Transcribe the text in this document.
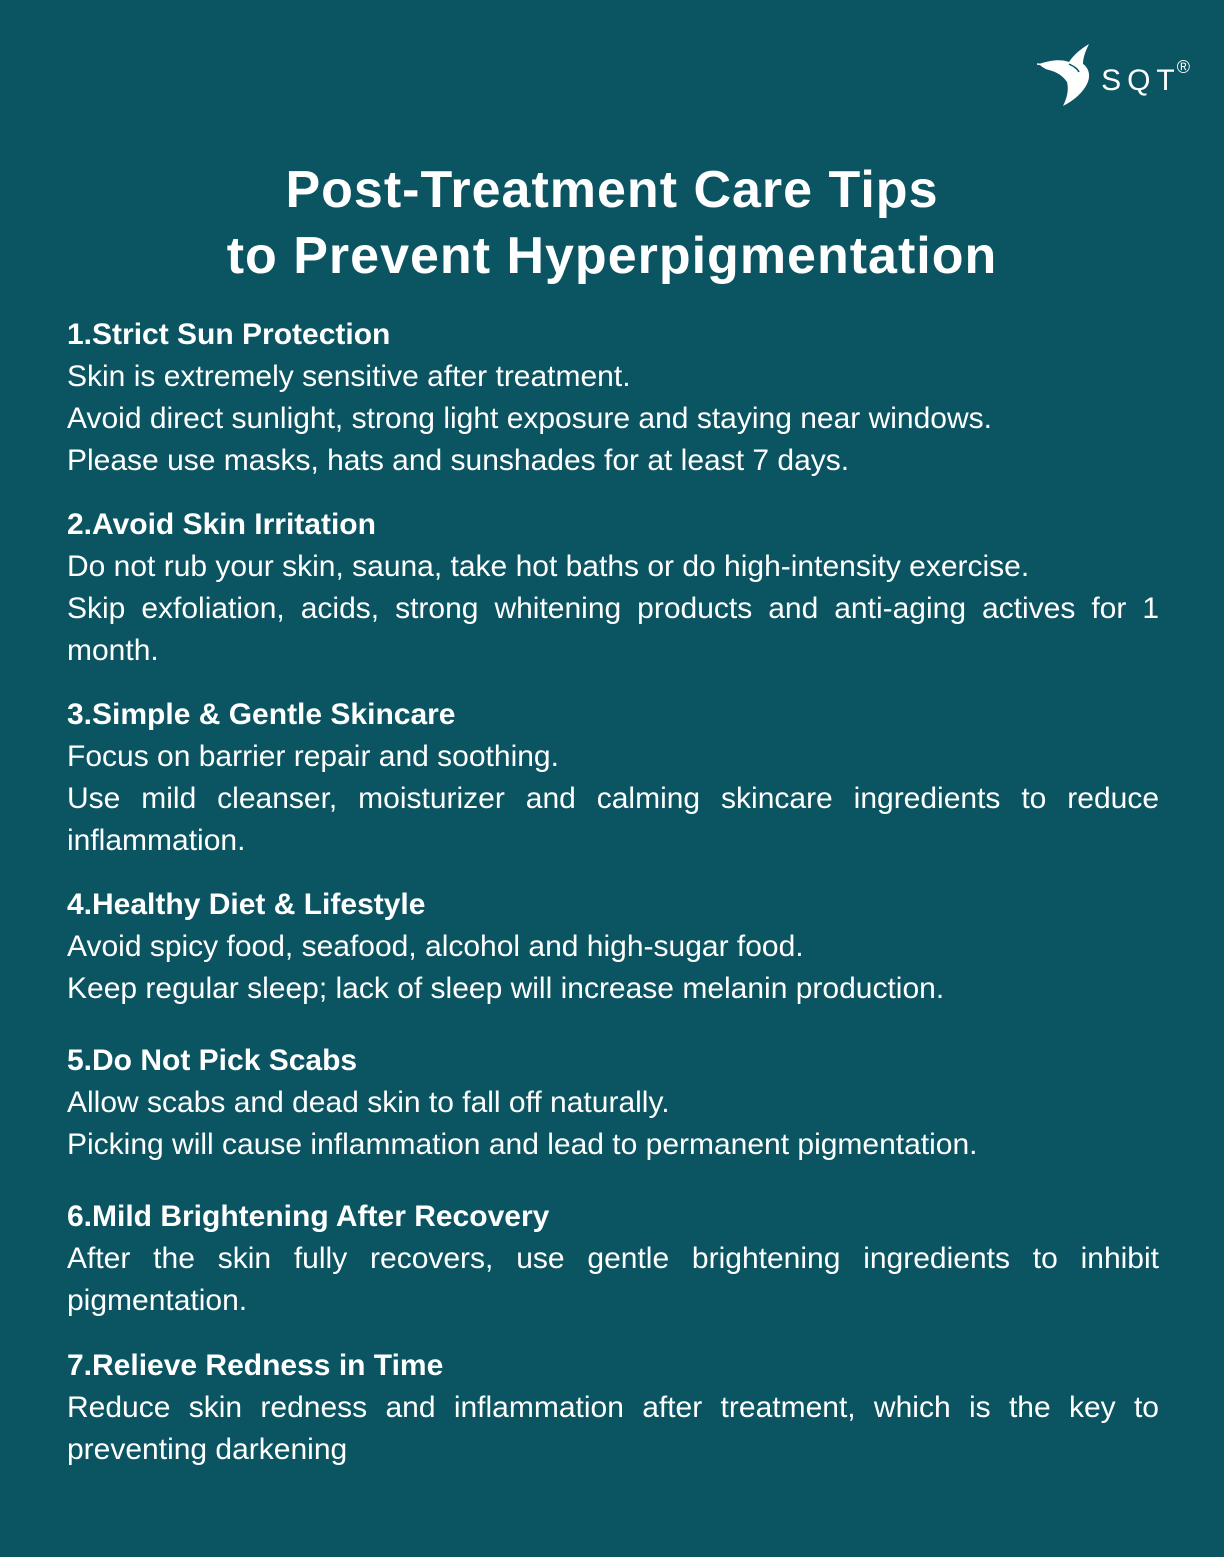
SQT®
Post-Treatment Care Tips
to Prevent Hyperpigmentation

1.Strict Sun Protection

Skin is extremely sensitive after treatment.

Avoid direct sunlight, strong light exposure and staying near windows.

Please use masks, hats and sunshades for at least 7 days.

2.Avoid Skin Irritation

Do not rub your skin, sauna, take hot baths or do high-intensity exercise.

Skip exfoliation, acids, strong whitening products and anti-aging actives for 1 month.

3.Simple & Gentle Skincare

Focus on barrier repair and soothing.

Use mild cleanser, moisturizer and calming skincare ingredients to reduce inflammation.

4.Healthy Diet & Lifestyle

Avoid spicy food, seafood, alcohol and high-sugar food.

Keep regular sleep; lack of sleep will increase melanin production.

5.Do Not Pick Scabs

Allow scabs and dead skin to fall off naturally.

Picking will cause inflammation and lead to permanent pigmentation.

6.Mild Brightening After Recovery

After the skin fully recovers, use gentle brightening ingredients to inhibit pigmentation.

7.Relieve Redness in Time

Reduce skin redness and inflammation after treatment, which is the key to preventing darkening
